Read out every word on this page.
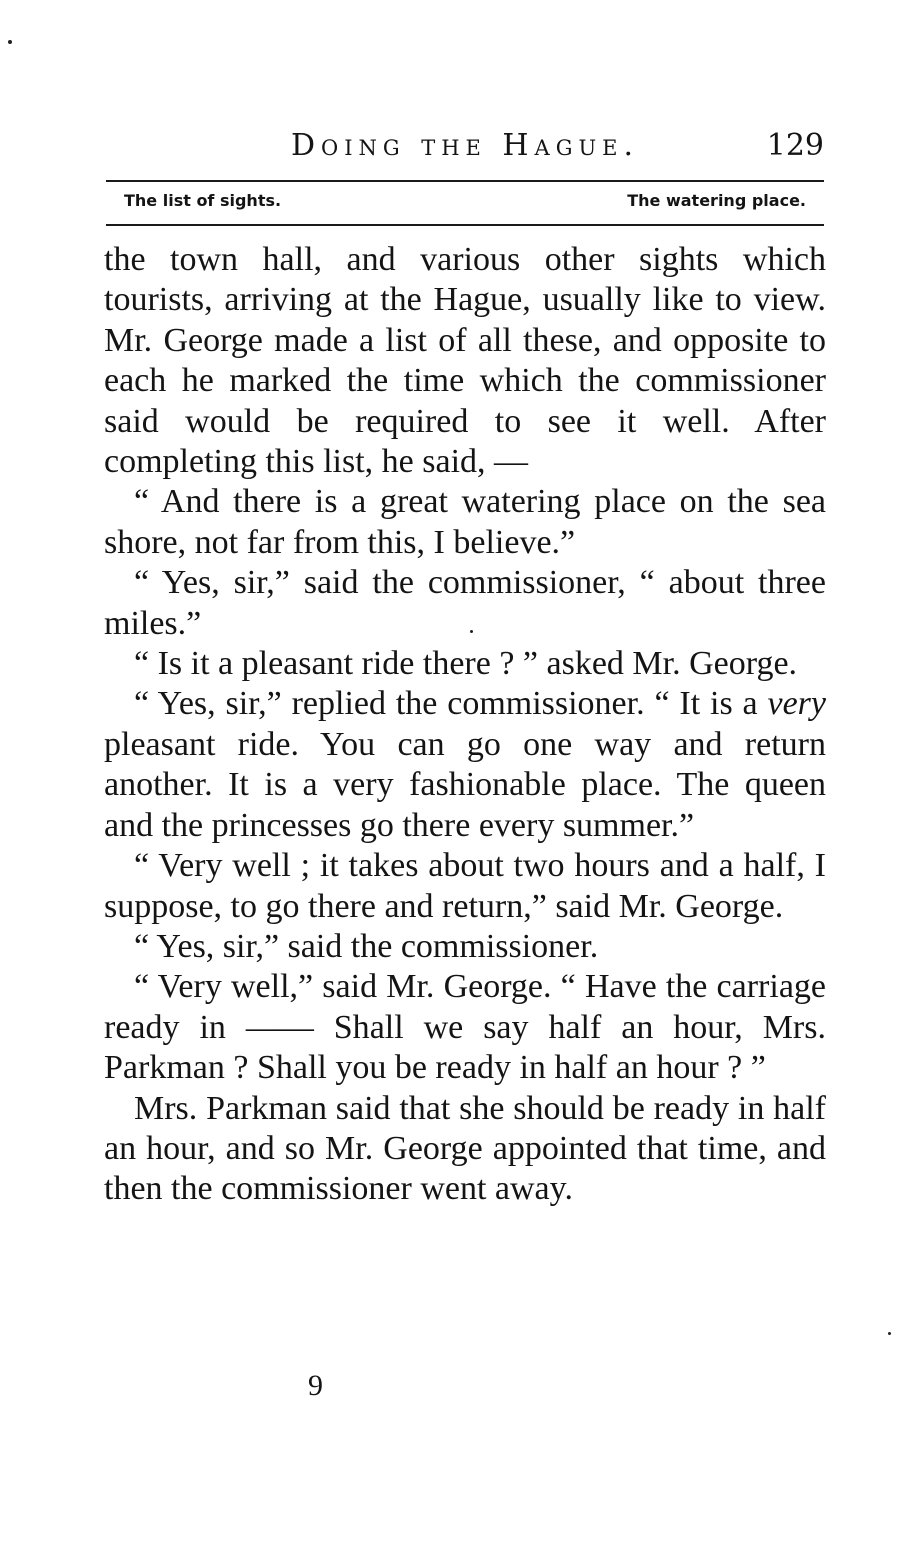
Doing the Hague.	129
The list of sights.	The watering place.

the town hall, and various other sights which tourists, arriving at the Hague, usually like to view. Mr. George made a list of all these, and opposite to each he marked the time which the commissioner said would be required to see it well. After completing this list, he said, —

“ And there is a great watering place on the sea shore, not far from this, I believe.”

“ Yes, sir,” said the commissioner, “ about three miles.”

“ Is it a pleasant ride there ? ” asked Mr. George.

“ Yes, sir,” replied the commissioner. “ It is a very pleasant ride. You can go one way and return another. It is a very fashionable place. The queen and the princesses go there every summer.”

“ Very well ; it takes about two hours and a half, I suppose, to go there and return,” said Mr. George.

“ Yes, sir,” said the commissioner.

“ Very well,” said Mr. George. “ Have the carriage ready in —— Shall we say half an hour, Mrs. Parkman ? Shall you be ready in half an hour ? ”

Mrs. Parkman said that she should be ready in half an hour, and so Mr. George appointed that time, and then the commissioner went away.

9
